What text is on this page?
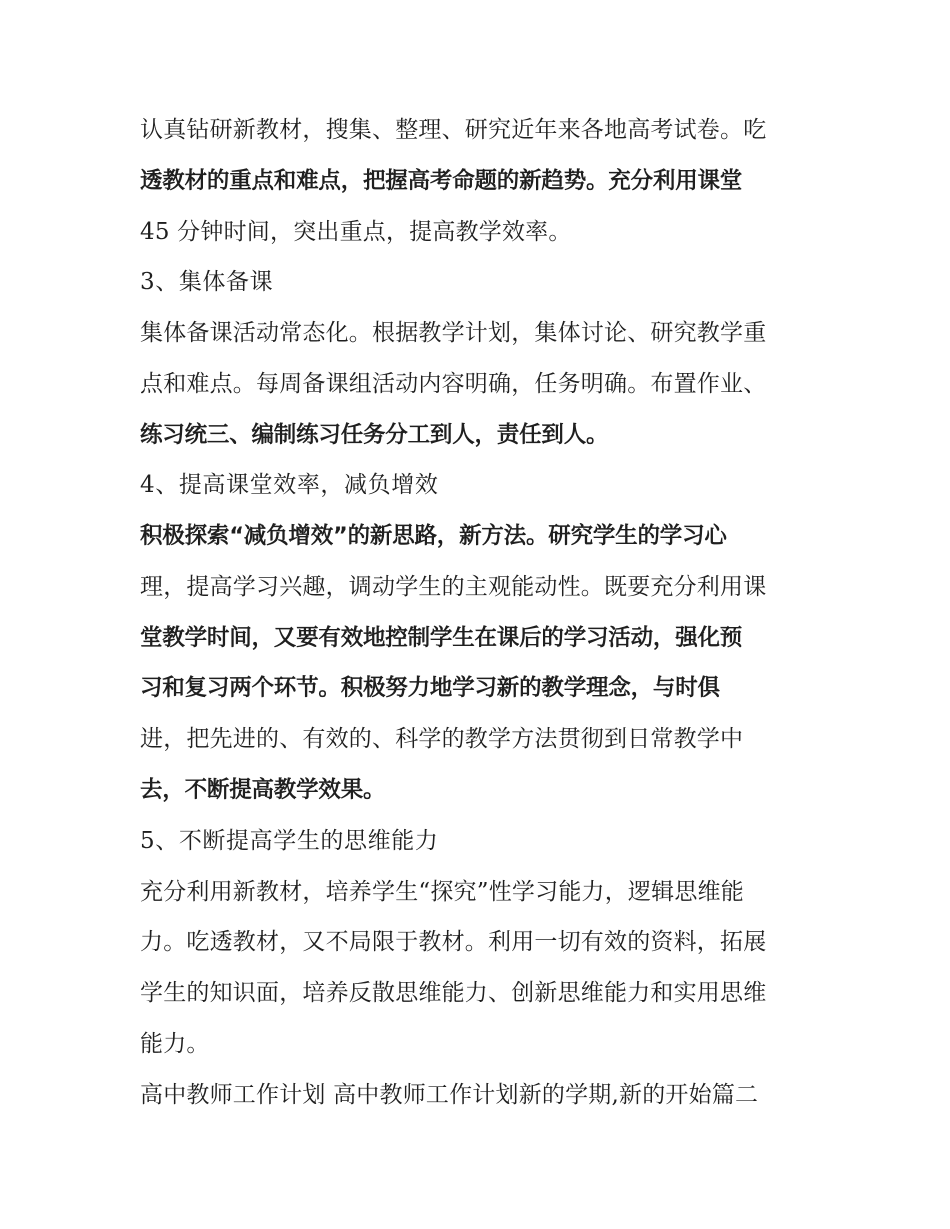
认真钻研新教材，搜集、整理、研究近年来各地高考试卷。吃
透教材的重点和难点，把握高考命题的新趋势。充分利用课堂
45 分钟时间，突出重点，提高教学效率。
3、集体备课
集体备课活动常态化。根据教学计划，集体讨论、研究教学重
点和难点。每周备课组活动内容明确，任务明确。布置作业、
练习统三、编制练习任务分工到人，责任到人。
4、提高课堂效率，减负增效
积极探索“减负增效”的新思路，新方法。研究学生的学习心
理，提高学习兴趣，调动学生的主观能动性。既要充分利用课
堂教学时间，又要有效地控制学生在课后的学习活动，强化预
习和复习两个环节。积极努力地学习新的教学理念，与时俱
进，把先进的、有效的、科学的教学方法贯彻到日常教学中
去，不断提高教学效果。
5、不断提高学生的思维能力
充分利用新教材，培养学生“探究”性学习能力，逻辑思维能
力。吃透教材，又不局限于教材。利用一切有效的资料，拓展
学生的知识面，培养反散思维能力、创新思维能力和实用思维
能力。
高中教师工作计划 高中教师工作计划新的学期,新的开始篇二
